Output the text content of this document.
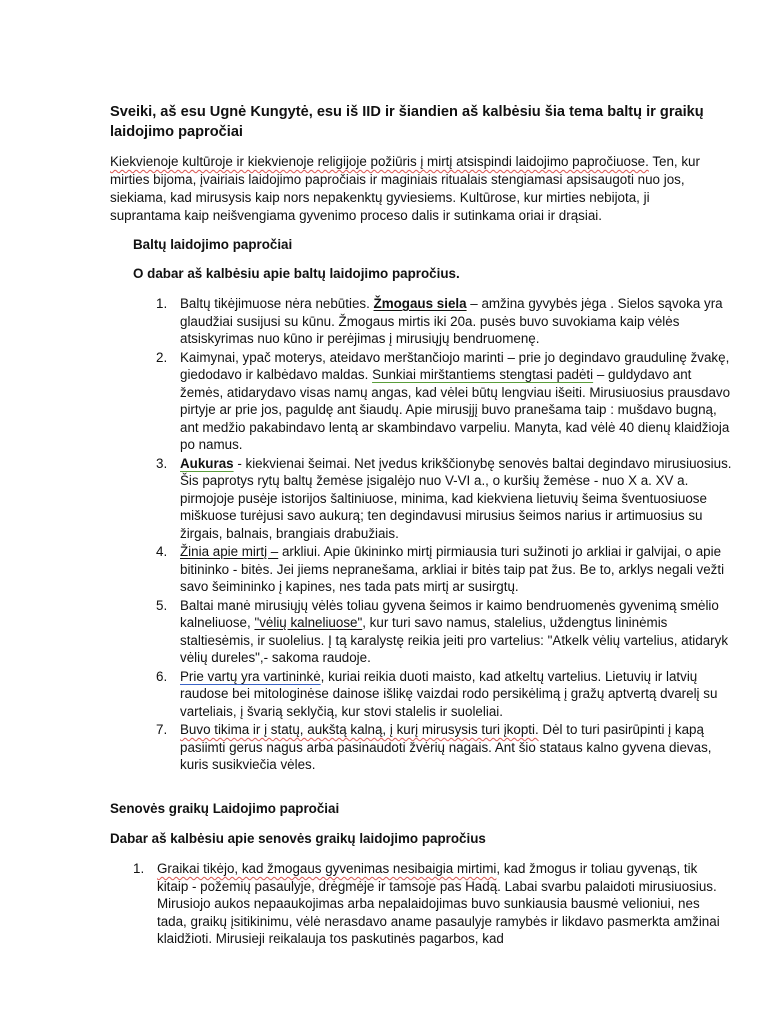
Sveiki, aš esu Ugnė Kungytė, esu iš IID ir šiandien aš kalbėsiu šia tema baltų ir graikų laidojimo papročiai

Kiekvienoje kultūroje ir kiekvienoje religijoje požiūris į mirtį atsispindi laidojimo papročiuose. Ten, kur mirties bijoma, įvairiais laidojimo papročiais ir maginiais ritualais stengiamasi apsisaugoti nuo jos, siekiama, kad mirusysis kaip nors nepakenktų gyviesiems. Kultūrose, kur mirties nebijota, ji suprantama kaip neišvengiama gyvenimo proceso dalis ir sutinkama oriai ir drąsiai.

Baltų laidojimo papročiai

O dabar aš kalbėsiu apie baltų laidojimo papročius.

1. Baltų tikėjimuose nėra nebūties. Žmogaus siela – amžina gyvybės jėga . Sielos sąvoka yra glaudžiai susijusi su kūnu. Žmogaus mirtis iki 20a. pusės buvo suvokiama kaip vėlės atsiskyrimas nuo kūno ir perėjimas į mirusiųjų bendruomenę.
2. Kaimynai, ypač moterys, ateidavo merštančiojo marinti – prie jo degindavo graudulinę žvakę, giedodavo ir kalbėdavo maldas. Sunkiai mirštantiems stengtasi padėti – guldydavo ant žemės, atidarydavo visas namų angas, kad vėlei būtų lengviau išeiti. Mirusiuosius prausdavo pirtyje ar prie jos, paguldę ant šiaudų. Apie mirusįjį buvo pranešama taip : mušdavo bugną, ant medžio pakabindavo lentą ar skambindavo varpeliu. Manyta, kad vėlė 40 dienų klaidžioja po namus.
3. Aukuras - kiekvienai šeimai. Net įvedus krikščionybę senovės baltai degindavo mirusiuosius. Šis paprotys rytų baltų žemėse įsigalėjo nuo V-VI a., o kuršių žemėse - nuo X a. XV a. pirmojoje pusėje istorijos šaltiniuose, minima, kad kiekviena lietuvių šeima šventuosiuose miškuose turėjusi savo aukurą; ten degindavusi mirusius šeimos narius ir artimuosius su žirgais, balnais, brangiais drabužiais.
4. Žinia apie mirtį – arkliui. Apie ūkininko mirtį pirmiausia turi sužinoti jo arkliai ir galvijai, o apie bitininko - bitės. Jei jiems nepranešama, arkliai ir bitės taip pat žus. Be to, arklys negali vežti savo šeimininko į kapines, nes tada pats mirtį ar susirgtų.
5. Baltai manė mirusiųjų vėlės toliau gyvena šeimos ir kaimo bendruomenės gyvenimą smėlio kalneliuose, "vėlių kalneliuose", kur turi savo namus, stalelius, uždengtus lininėmis staltiesėmis, ir suolelius. Į tą karalystę reikia jeiti pro vartelius: "Atkelk vėlių vartelius, atidaryk vėlių dureles",- sakoma raudoje.
6. Prie vartų yra vartininkė, kuriai reikia duoti maisto, kad atkeltų vartelius. Lietuvių ir latvių raudose bei mitologinėse dainose išlikę vaizdai rodo persikėlimą į gražų aptvertą dvarelį su varteliais, į švarią seklyčią, kur stovi stalelis ir suoleliai.
7. Buvo tikima ir į statų, aukštą kalną, į kurį mirusysis turi įkopti. Dėl to turi pasirūpinti į kapą pasiimti gerus nagus arba pasinaudoti žvėrių nagais. Ant šio stataus kalno gyvena dievas, kuris susikviečia vėles.

Senovės graikų Laidojimo papročiai

Dabar aš kalbėsiu apie senovės graikų laidojimo papročius

1. Graikai tikėjo, kad žmogaus gyvenimas nesibaigia mirtimi, kad žmogus ir toliau gyvenąs, tik kitaip - požemių pasaulyje, drėgmėje ir tamsoje pas Hadą. Labai svarbu palaidoti mirusiuosius. Mirusiojo aukos nepaaukojimas arba nepalaidojimas buvo sunkiausia bausmė velioniui, nes tada, graikų įsitikinimu, vėlė nerasdavo aname pasaulyje ramybės ir likdavo pasmerkta amžinai klaidžioti. Mirusieji reikalauja tos paskutinės pagarbos, kad
